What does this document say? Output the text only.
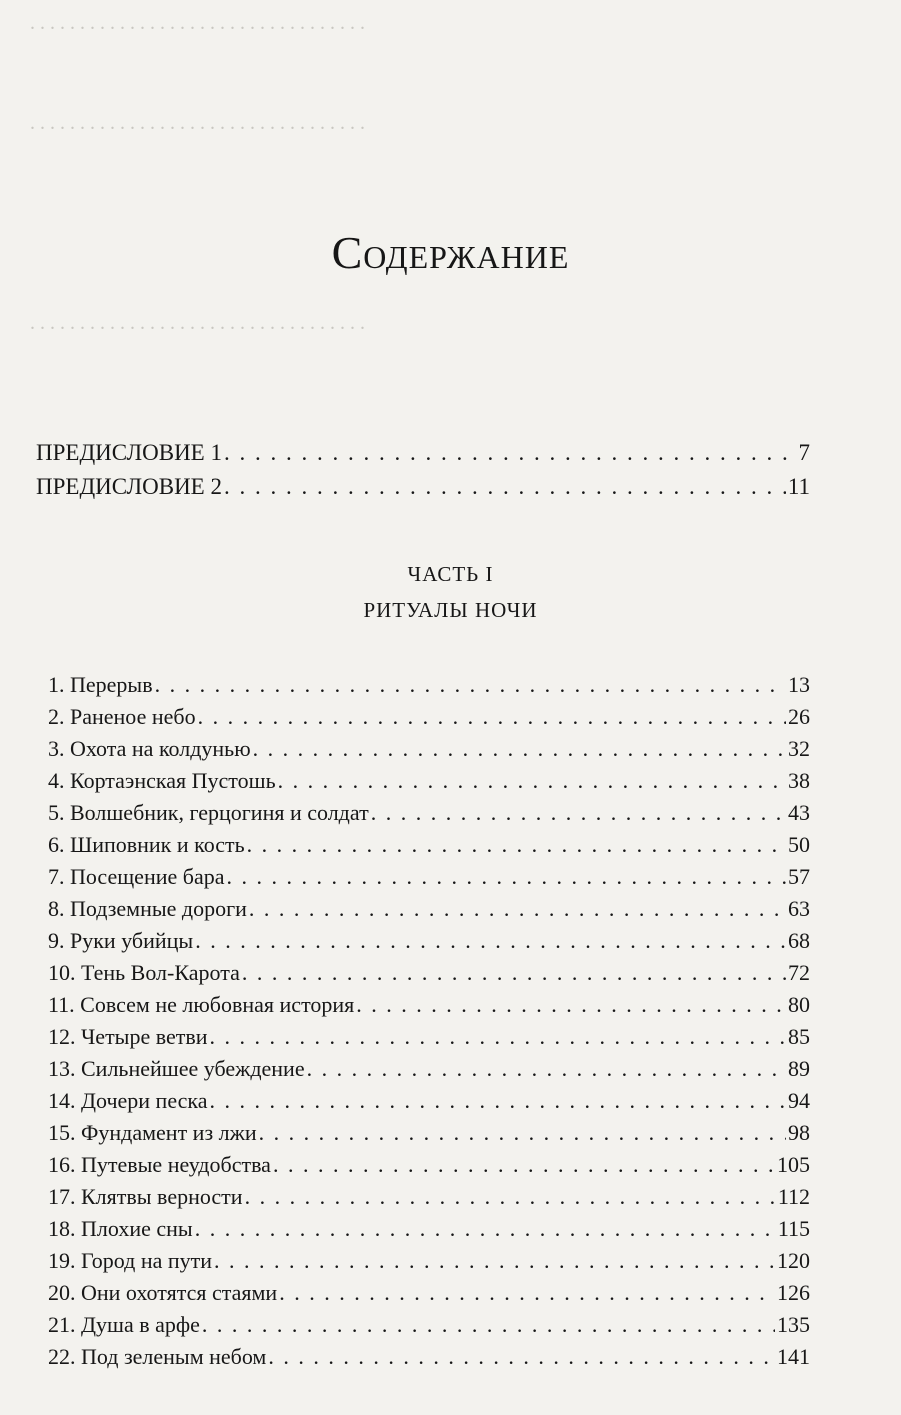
. . . . . . . . . . . . . . . . . . . . . . . . . . . . . . . . . .
. . . . . . . . . . . . . . . . . . . . . . . . . . . . . . . . . .
. . . . . . . . . . . . . . . . . . . . . . . . . . . . . . . . . .
Содержание
ПРЕДИСЛОВИЕ 1 . . .	7
ПРЕДИСЛОВИЕ 2 . . .	11
ЧАСТЬ I
РИТУАЛЫ НОЧИ
1. Перерыв . . .	13
2. Раненое небо . . .	26
3. Охота на колдунью . . .	32
4. Кортаэнская Пустошь . . .	38
5. Волшебник, герцогиня и солдат . . .	43
6. Шиповник и кость . . .	50
7. Посещение бара . . .	57
8. Подземные дороги . . .	63
9. Руки убийцы . . .	68
10. Тень Вол-Карота . . .	72
11. Совсем не любовная история . . .	80
12. Четыре ветви . . .	85
13. Сильнейшее убеждение . . .	89
14. Дочери песка . . .	94
15. Фундамент из лжи . . .	98
16. Путевые неудобства . . .	105
17. Клятвы верности . . .	112
18. Плохие сны . . .	115
19. Город на пути . . .	120
20. Они охотятся стаями . . .	126
21. Душа в арфе . . .	135
22. Под зеленым небом . . .	141
